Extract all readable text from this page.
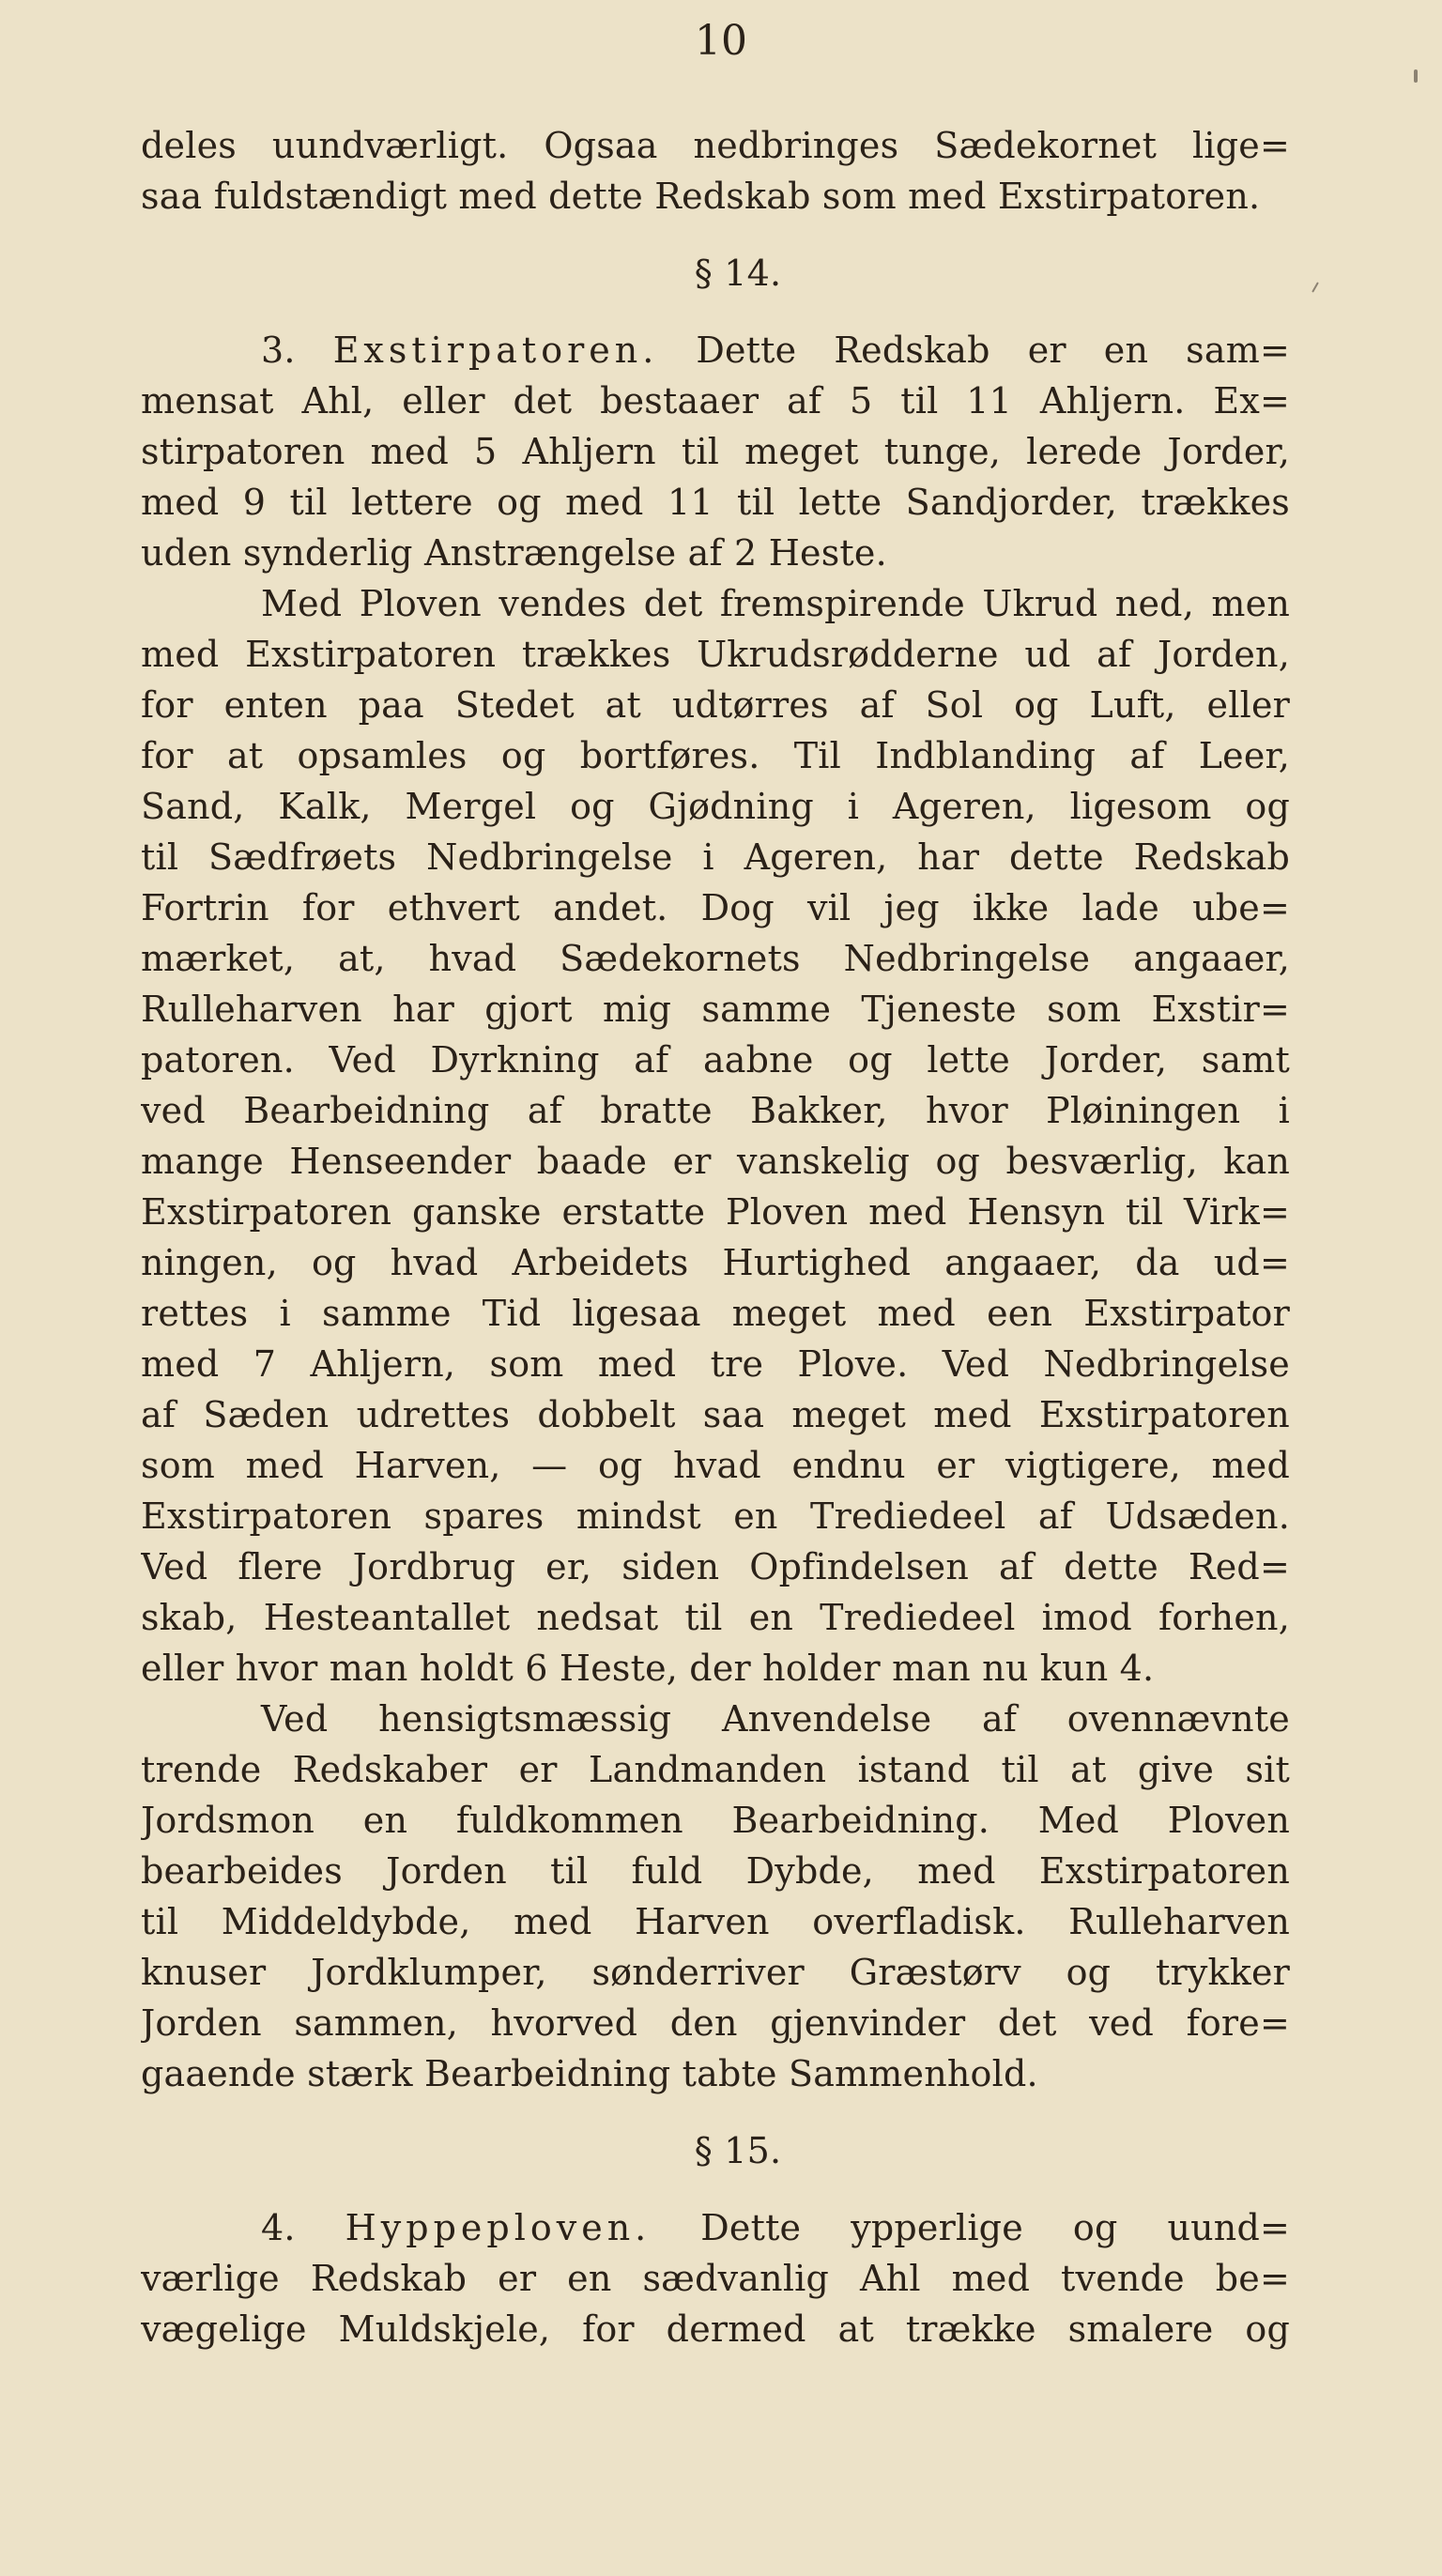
10
deles uundværligt. Ogsaa nedbringes Sædekornet lige=
saa fuldstændigt med dette Redskab som med Exstirpatoren.
§ 14.
3. Exstirpatoren. Dette Redskab er en sam=
mensat Ahl, eller det bestaaer af 5 til 11 Ahljern. Ex=
stirpatoren med 5 Ahljern til meget tunge, lerede Jorder,
med 9 til lettere og med 11 til lette Sandjorder, trækkes
uden synderlig Anstrængelse af 2 Heste.
Med Ploven vendes det fremspirende Ukrud ned, men
med Exstirpatoren trækkes Ukrudsrødderne ud af Jorden,
for enten paa Stedet at udtørres af Sol og Luft, eller
for at opsamles og bortføres. Til Indblanding af Leer,
Sand, Kalk, Mergel og Gjødning i Ageren, ligesom og
til Sædfrøets Nedbringelse i Ageren, har dette Redskab
Fortrin for ethvert andet. Dog vil jeg ikke lade ube=
mærket, at, hvad Sædekornets Nedbringelse angaaer,
Rulleharven har gjort mig samme Tjeneste som Exstir=
patoren. Ved Dyrkning af aabne og lette Jorder, samt
ved Bearbeidning af bratte Bakker, hvor Pløiningen i
mange Henseender baade er vanskelig og besværlig, kan
Exstirpatoren ganske erstatte Ploven med Hensyn til Virk=
ningen, og hvad Arbeidets Hurtighed angaaer, da ud=
rettes i samme Tid ligesaa meget med een Exstirpator
med 7 Ahljern, som med tre Plove. Ved Nedbringelse
af Sæden udrettes dobbelt saa meget med Exstirpatoren
som med Harven, — og hvad endnu er vigtigere, med
Exstirpatoren spares mindst en Trediedeel af Udsæden.
Ved flere Jordbrug er, siden Opfindelsen af dette Red=
skab, Hesteantallet nedsat til en Trediedeel imod forhen,
eller hvor man holdt 6 Heste, der holder man nu kun 4.
Ved hensigtsmæssig Anvendelse af ovennævnte
trende Redskaber er Landmanden istand til at give sit
Jordsmon en fuldkommen Bearbeidning. Med Ploven
bearbeides Jorden til fuld Dybde, med Exstirpatoren
til Middeldybde, med Harven overfladisk. Rulleharven
knuser Jordklumper, sønderriver Græstørv og trykker
Jorden sammen, hvorved den gjenvinder det ved fore=
gaaende stærk Bearbeidning tabte Sammenhold.
§ 15.
4. Hyppeploven. Dette ypperlige og uund=
værlige Redskab er en sædvanlig Ahl med tvende be=
vægelige Muldskjele, for dermed at trække smalere og
